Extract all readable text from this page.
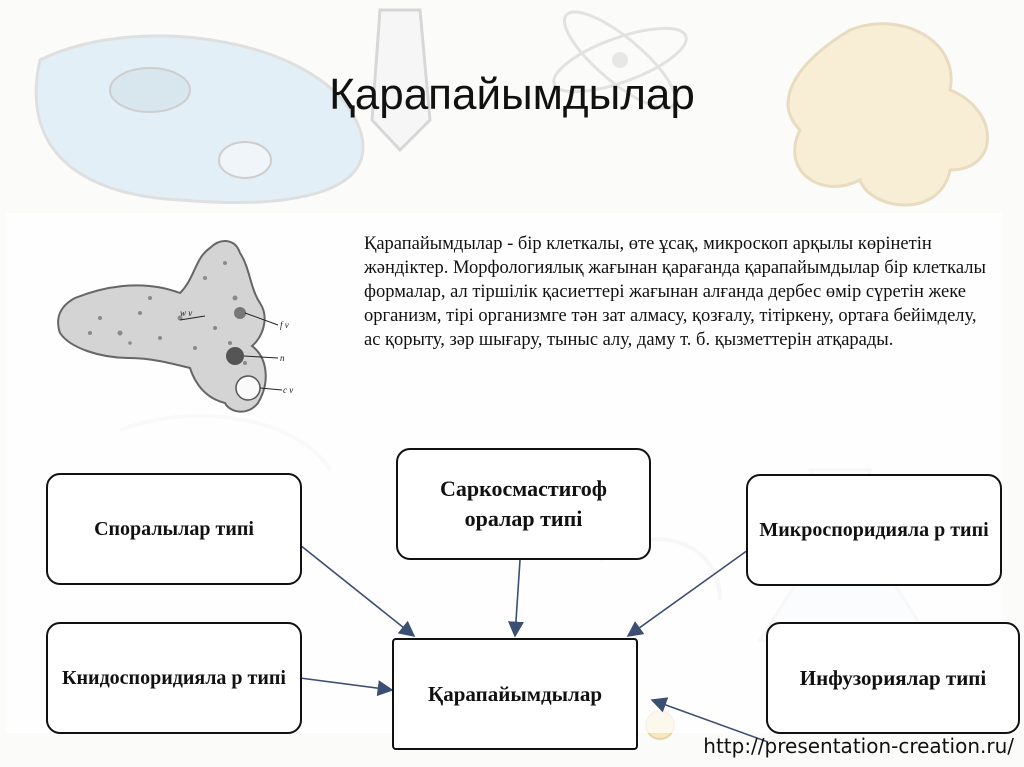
Қарапайымдылар
w v
f v
n
c v

Қарапайымдылар - бір клеткалы, өте ұсақ, микроскоп арқылы көрінетін жәндіктер. Морфологиялық жағынан қарағанда қарапайымдылар бір клеткалы формалар, ал тіршілік қасиеттері жағынан алғанда дербес өмір сүретін жеке организм, тірі организмге тән зат алмасу, қозғалу, тітіркену, ортаға бейімделу, ас қорыту, зәр шығару, тыныс алу, даму т. б. қызметтерін атқарады.

Споралылар типі
Саркосмастигоф оралар типі	Микроспоридияла р типі
Книдоспоридияла р типі
Қарапайымдылар
Инфузориялар типі
http://presentation-creation.ru/
